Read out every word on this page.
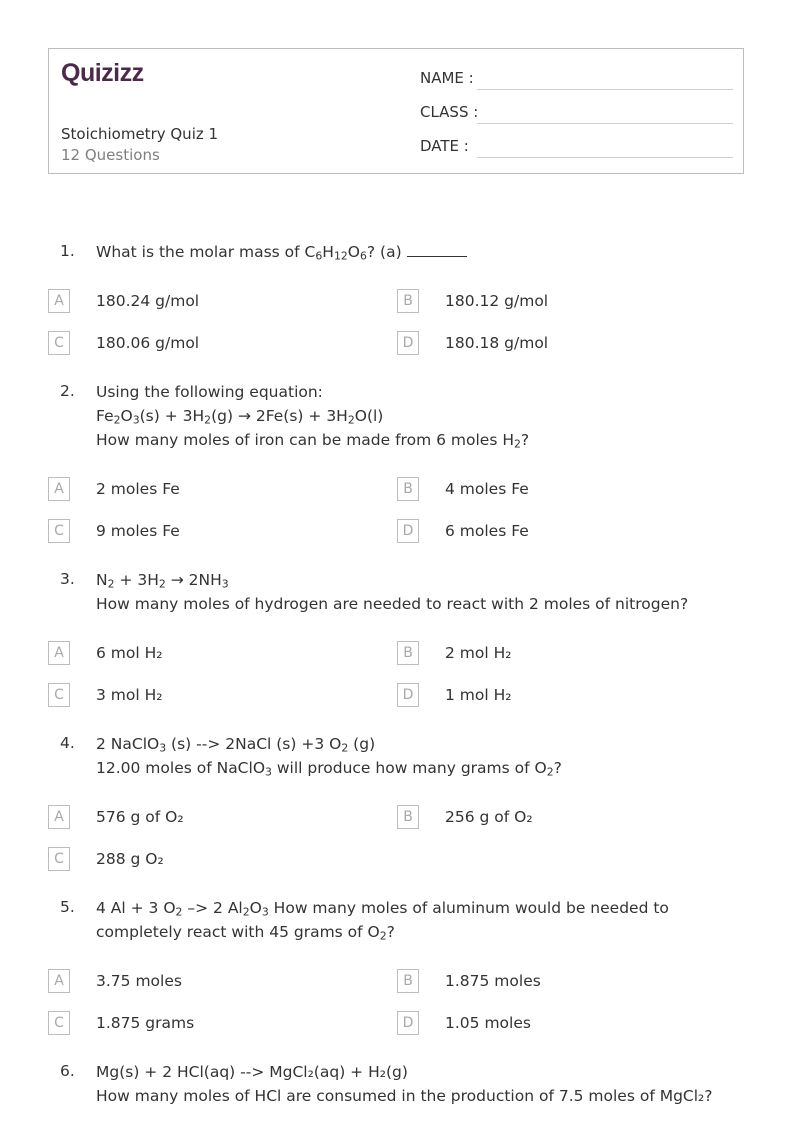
Quizizz
Stoichiometry Quiz 1
12 Questions
NAME :
CLASS :
DATE :
1. What is the molar mass of $C_6H_{12}O_6$? (a)
A	180.24 g/mol	B	180.12 g/mol
C	180.06 g/mol	D	180.18 g/mol
2. Using the following equation:
$Fe_2O_3(s) + 3H_2(g) \to 2Fe(s) + 3H_2O(l)$
How many moles of iron can be made from 6 moles $H_2$?
A	2 moles Fe	B	4 moles Fe
C	9 moles Fe	D	6 moles Fe
3. $N_2 + 3H_2 \to 2NH_3$
How many moles of hydrogen are needed to react with 2 moles of nitrogen?
A	6 mol H₂	B	2 mol H₂
C	3 mol H₂	D	1 mol H₂
4. 2 NaClO$_3$ (s) --> 2NaCl (s) +3 $O_2$ (g)
12.00 moles of NaClO$_3$ will produce how many grams of $O_2$?
A	576 g of O₂	B	256 g of O₂
C	288 g O₂
5. 4 Al + 3 $O_2 -> 2$ $Al_2O_3$ How many moles of aluminum would be needed to completely react with 45 grams of $O_2$?
A	3.75 moles	B	1.875 moles
C	1.875 grams	D	1.05 moles
6. Mg(s) + 2 HCl(aq) --> MgCl₂(aq) + H₂(g)
How many moles of HCl are consumed in the production of 7.5 moles of MgCl₂?
